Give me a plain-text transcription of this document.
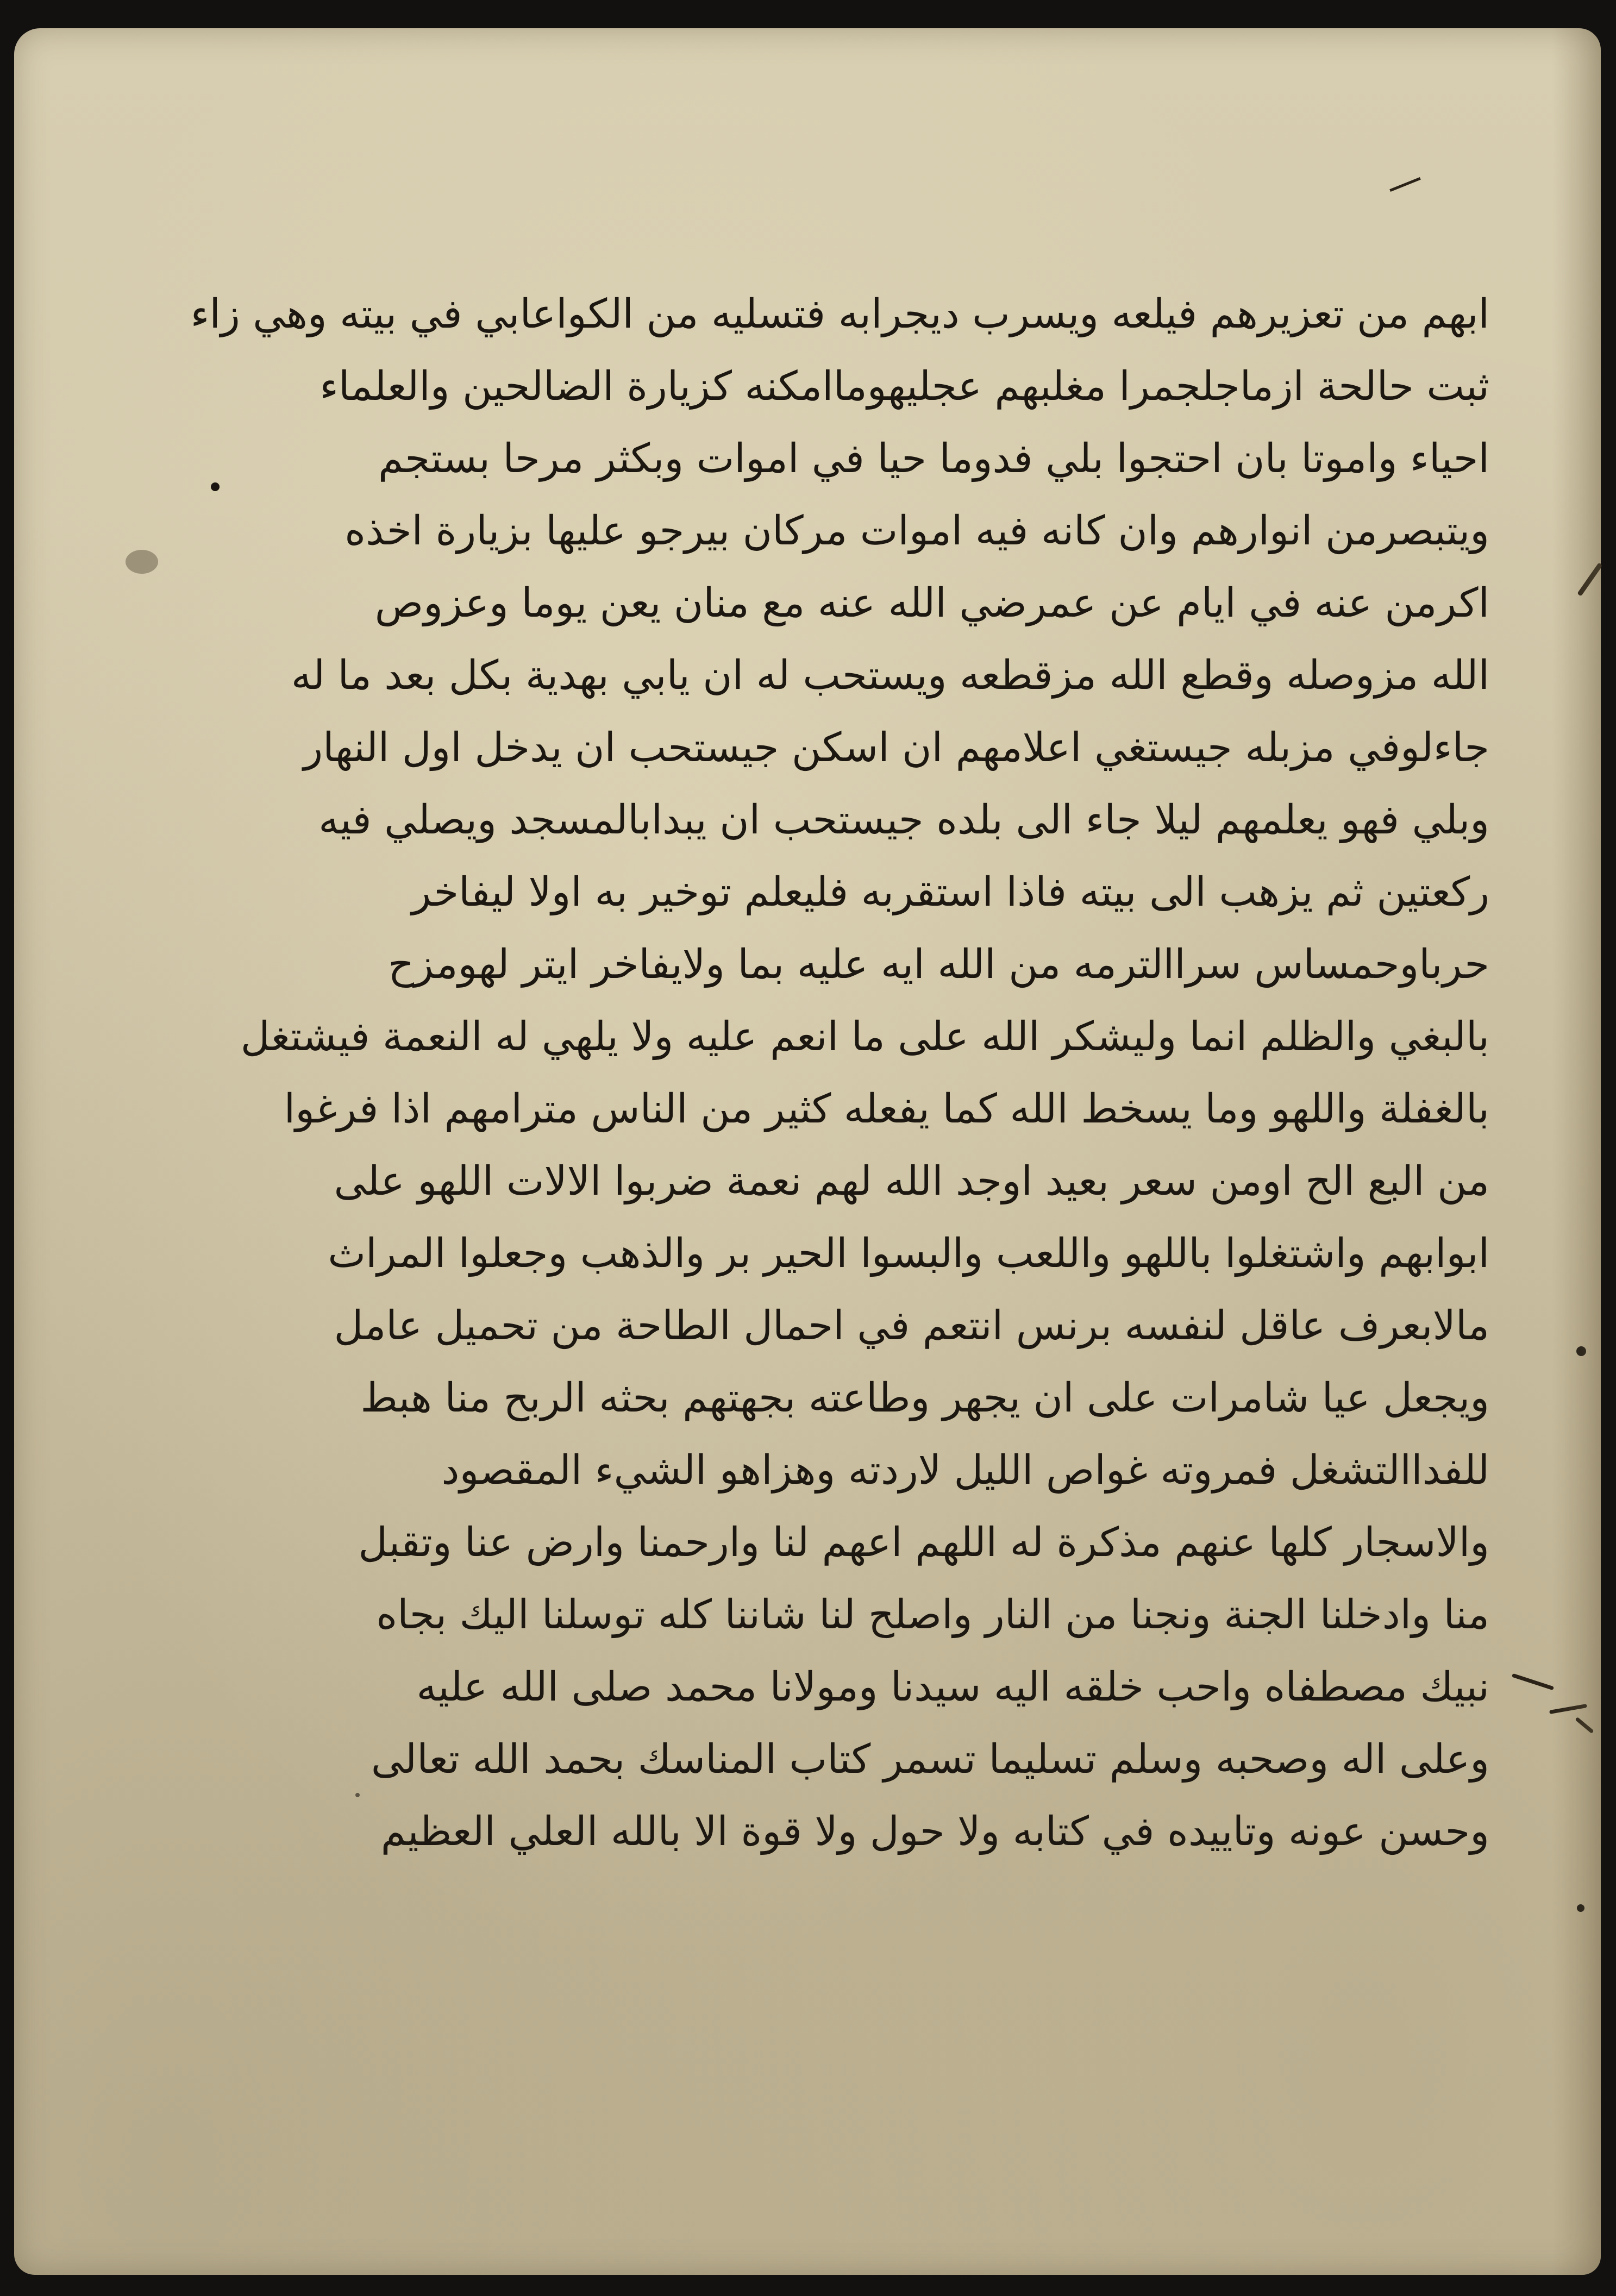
ابهم من تعزيرهم فيلعه ويسرب ديجرابه فتسليه من الكواعابي في بيته وهي زاء
ثبت حالحة ازماجلجمرا مغلبهم عجليهوماامكنه كزيارة الضالحين والعلماء
احياء واموتا بان احتجوا بلي فدوما حيا في اموات وبكثر مرحا بستجم
ويتبصرمن انوارهم وان كانه فيه اموات مركان بيرجو عليها بزيارة اخذه
اكرمن عنه في ايام عن عمرضي الله عنه مع منان يعن يوما وعزوص
الله مزوصله وقطع الله مزقطعه ويستحب له ان يابي بهدية بكل بعد ما له
جاءلوفي مزبله جيستغي اعلامهم ان اسكن جيستحب ان يدخل اول النهار
وبلي فهو يعلمهم ليلا جاء الى بلده جيستحب ان يبدابالمسجد ويصلي فيه
ركعتين ثم يزهب الى بيته فاذا استقربه فليعلم توخير به اولا ليفاخر
حرباوحمساس سراالترمه من الله ايه عليه بما ولايفاخر ايتر لهومزح
بالبغي والظلم انما وليشكر الله على ما انعم عليه ولا يلهي له النعمة فيشتغل
بالغفلة واللهو وما يسخط الله كما يفعله كثير من الناس مترامهم اذا فرغوا
من البع الح اومن سعر بعيد اوجد الله لهم نعمة ضربوا الالات اللهو على
ابوابهم واشتغلوا باللهو واللعب والبسوا الحير بر والذهب وجعلوا المراث
مالابعرف عاقل لنفسه برنس انتعم في احمال الطاحة من تحميل عامل
ويجعل عيا شامرات على ان يجهر وطاعته بجهتهم بحثه الربح منا هبط
للفداالتشغل فمروته غواص الليل لاردته وهزاهو الشيء المقصود
والاسجار كلها عنهم مذكرة له اللهم اعهم لنا وارحمنا وارض عنا وتقبل
منا وادخلنا الجنة ونجنا من النار واصلح لنا شاننا كله توسلنا اليك بجاه
نبيك مصطفاه واحب خلقه اليه سيدنا ومولانا محمد صلى الله عليه
وعلى اله وصحبه وسلم تسليما تسمر كتاب المناسك بحمد الله تعالى
وحسن عونه وتاييده في كتابه ولا حول ولا قوة الا بالله العلي العظيم
